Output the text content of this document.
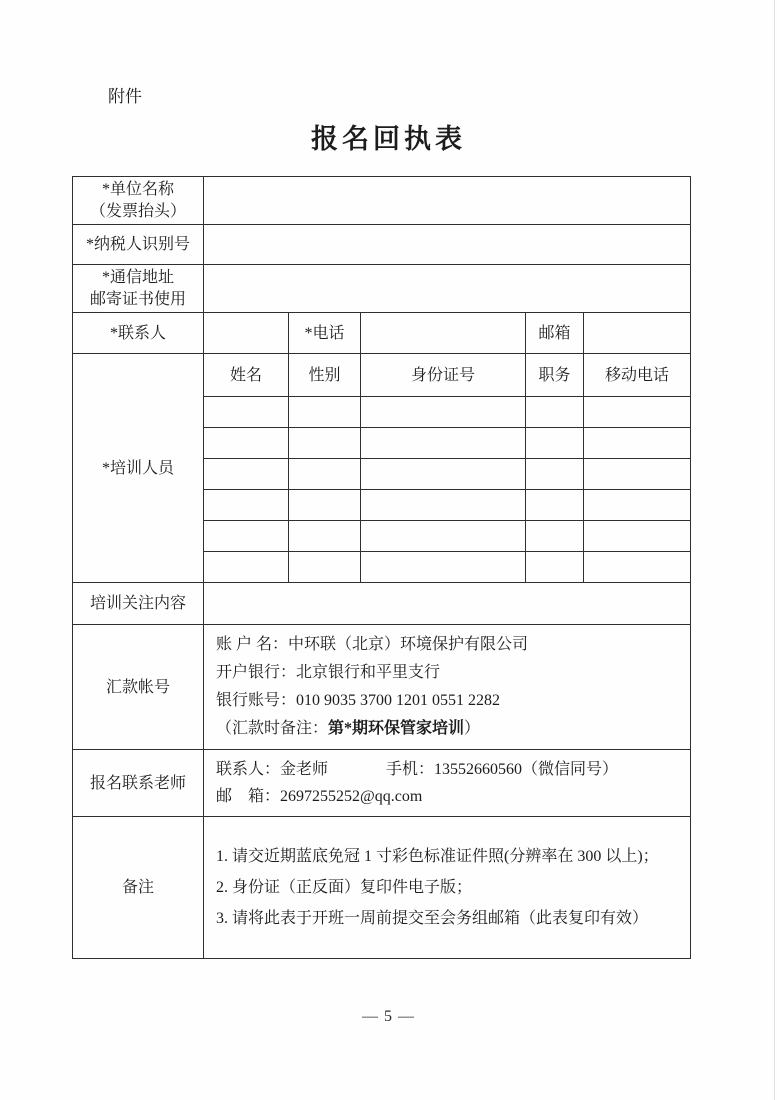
附件
报名回执表
*单位名称
（发票抬头）					

*纳税人识别号					

*通信地址
邮寄证书使用					

*联系人		*电话		邮箱	
*培训人员	姓名	性别	身份证号	职务	移动电话

培训关注内容					
汇款帐号	账 户 名：中环联（北京）环境保护有限公司
开户银行：北京银行和平里支行
银行账号：010 9035 3700 1201 0551 2282
（汇款时备注：第*期环保管家培训）				

报名联系老师	联系人：金老师 手机：13552660560（微信同号）
邮　箱：2697255252@qq.com				

备注	1. 请交近期蓝底免冠 1 寸彩色标准证件照(分辨率在 300 以上)；
2. 身份证（正反面）复印件电子版；
3. 请将此表于开班一周前提交至会务组邮箱（此表复印有效）				
— 5 —
